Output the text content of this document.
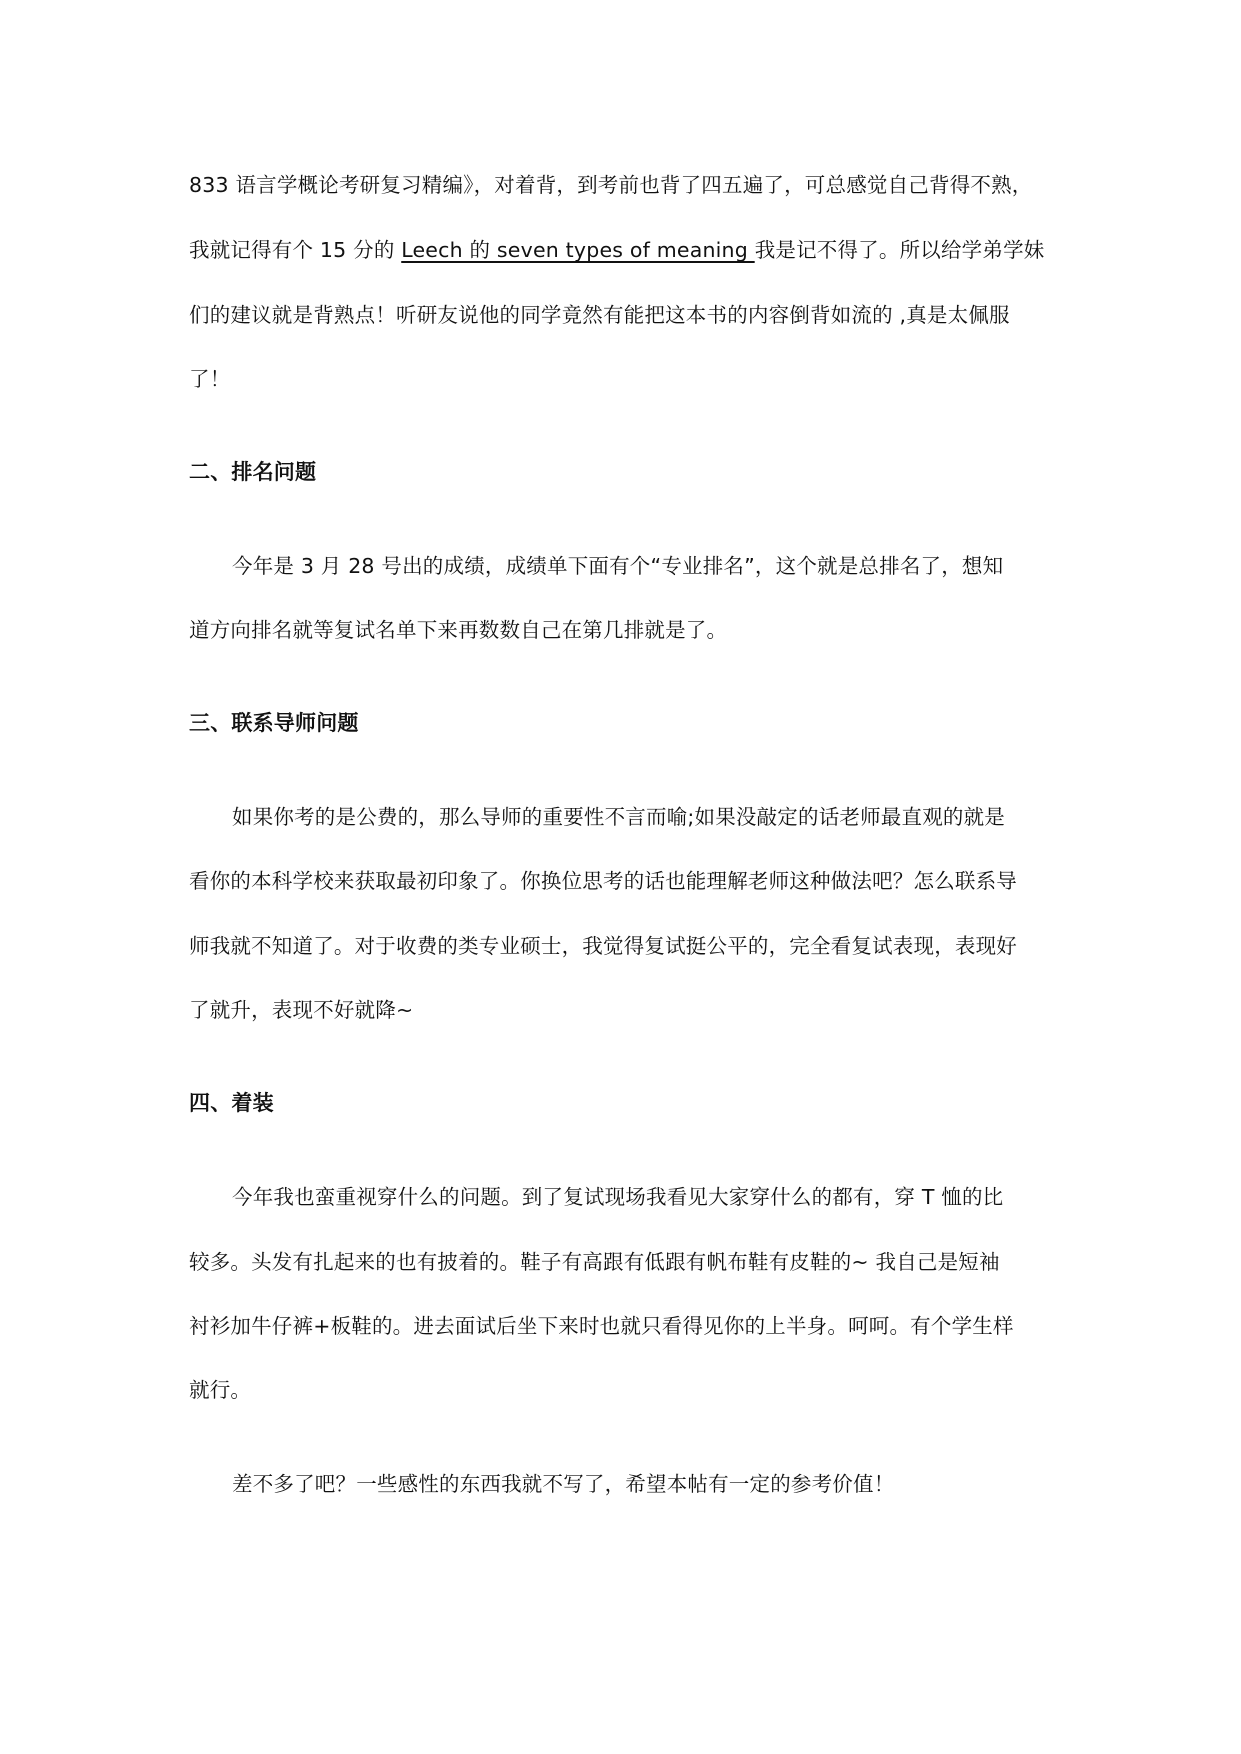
833 语言学概论考研复习精编》，对着背，到考前也背了四五遍了，可总感觉自己背得不熟，
我就记得有个 15 分的 Leech 的 seven types of meaning 我是记不得了。所以给学弟学妹
们的建议就是背熟点！听研友说他的同学竟然有能把这本书的内容倒背如流的 ,真是太佩服
了！
二、排名问题
今年是 3 月 28 号出的成绩，成绩单下面有个“专业排名”，这个就是总排名了，想知
道方向排名就等复试名单下来再数数自己在第几排就是了。
三、联系导师问题
如果你考的是公费的，那么导师的重要性不言而喻;如果没敲定的话老师最直观的就是
看你的本科学校来获取最初印象了。你换位思考的话也能理解老师这种做法吧？怎么联系导
师我就不知道了。对于收费的类专业硕士，我觉得复试挺公平的，完全看复试表现，表现好
了就升，表现不好就降~
四、着装
今年我也蛮重视穿什么的问题。到了复试现场我看见大家穿什么的都有，穿 T 恤的比
较多。头发有扎起来的也有披着的。鞋子有高跟有低跟有帆布鞋有皮鞋的~ 我自己是短袖
衬衫加牛仔裤+板鞋的。进去面试后坐下来时也就只看得见你的上半身。呵呵。有个学生样
就行。
差不多了吧？一些感性的东西我就不写了，希望本帖有一定的参考价值！
